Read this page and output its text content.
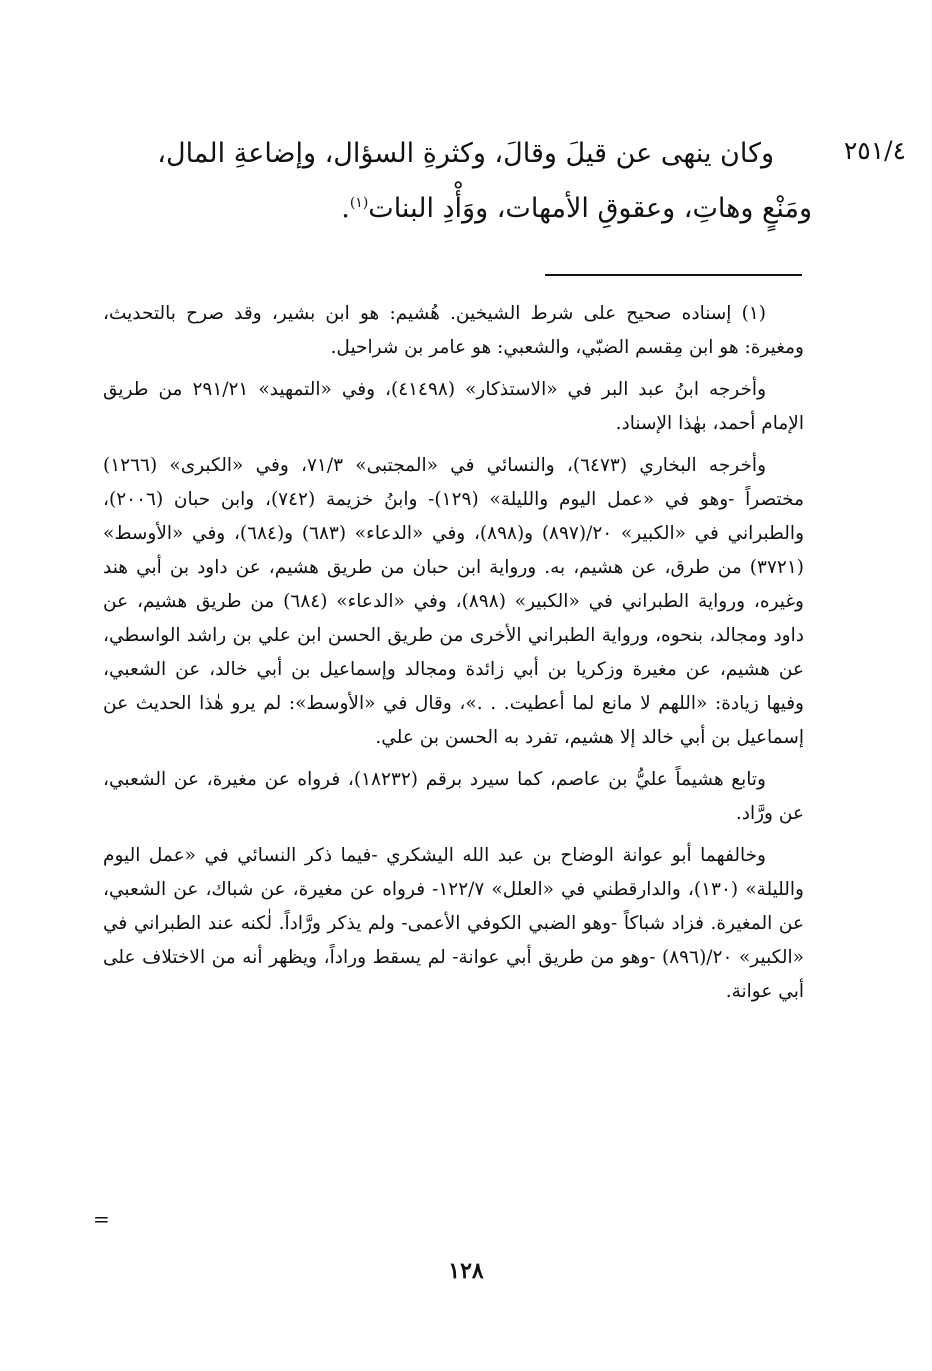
٢٥١/٤
وكان ينهى عن قيلَ وقالَ، وكثرةِ السؤال، وإضاعةِ المال،
ومَنْعٍ وهاتِ، وعقوقِ الأمهات، ووَأْدِ البنات$^{(١)}$.

(١) إسناده صحيح على شرط الشيخين. هُشيم: هو ابن بشير، وقد صرح بالتحديث، ومغيرة: هو ابن مِقسم الضبّي، والشعبي: هو عامر بن شراحيل.

وأخرجه ابنُ عبد البر في «الاستذكار» (٤١٤٩٨)، وفي «التمهيد» ٢٩١/٢١ من طريق الإمام أحمد، بهٰذا الإسناد.

وأخرجه البخاري (٦٤٧٣)، والنسائي في «المجتبى» ٧١/٣، وفي «الكبرى» (١٢٦٦) مختصراً -وهو في «عمل اليوم والليلة» (١٢٩)- وابنُ خزيمة (٧٤٢)، وابن حبان (٢٠٠٦)، والطبراني في «الكبير» ٢٠/(٨٩٧) و(٨٩٨)، وفي «الدعاء» (٦٨٣) و(٦٨٤)، وفي «الأوسط» (٣٧٢١) من طرق، عن هشيم، به. ورواية ابن حبان من طريق هشيم، عن داود بن أبي هند وغيره، ورواية الطبراني في «الكبير» (٨٩٨)، وفي «الدعاء» (٦٨٤) من طريق هشيم، عن داود ومجالد، بنحوه، ورواية الطبراني الأخرى من طريق الحسن ابن علي بن راشد الواسطي، عن هشيم، عن مغيرة وزكريا بن أبي زائدة ومجالد وإسماعيل بن أبي خالد، عن الشعبي، وفيها زيادة: «اللهم لا مانع لما أعطيت. . .»، وقال في «الأوسط»: لم يرو هٰذا الحديث عن إسماعيل بن أبي خالد إلا هشيم، تفرد به الحسن بن علي.

وتابع هشيماً عليُّ بن عاصم، كما سيرد برقم (١٨٢٣٢)، فرواه عن مغيرة، عن الشعبي، عن ورَّاد.

وخالفهما أبو عوانة الوضاح بن عبد الله اليشكري -فيما ذكر النسائي في «عمل اليوم والليلة» (١٣٠)، والدارقطني في «العلل» ١٢٢/٧- فرواه عن مغيرة، عن شباك، عن الشعبي، عن المغيرة. فزاد شباكاً -وهو الضبي الكوفي الأعمى- ولم يذكر ورَّاداً. لٰكنه عند الطبراني في «الكبير» ٢٠/(٨٩٦) -وهو من طريق أبي عوانة- لم يسقط وراداً، ويظهر أنه من الاختلاف على أبي عوانة.

=
١٢٨
